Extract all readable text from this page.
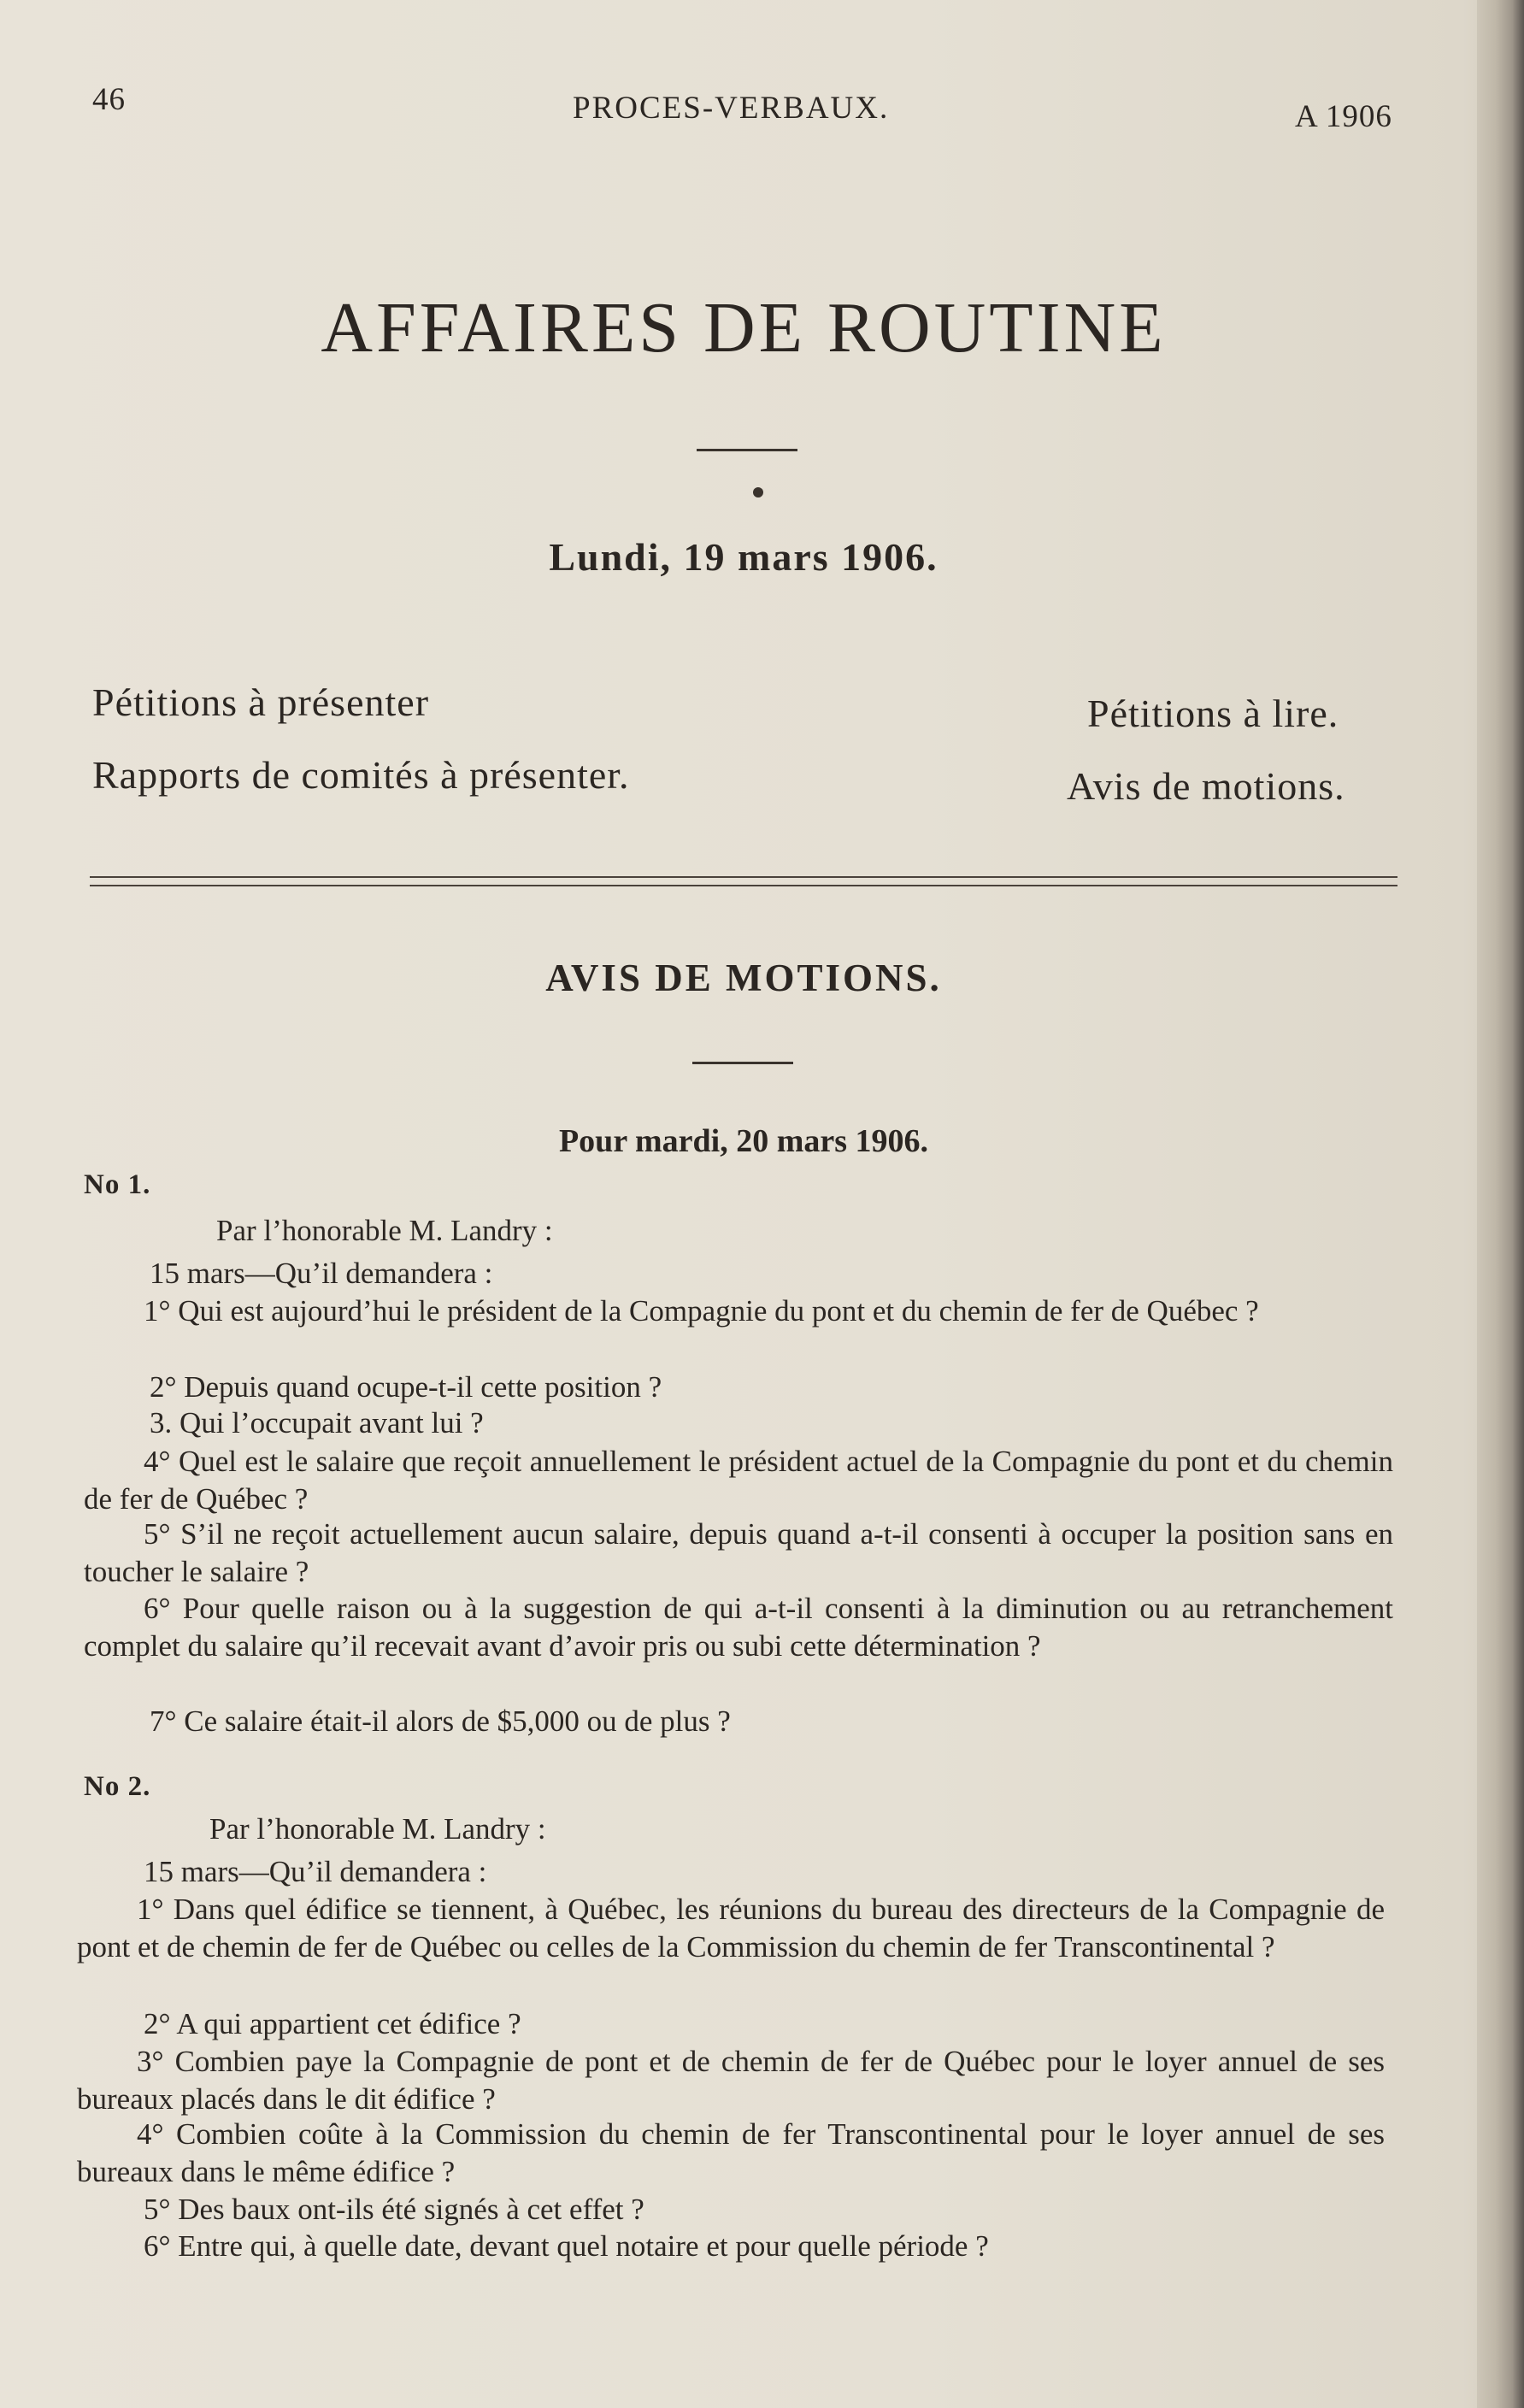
46	PROCES-VERBAUX.	A 1906
AFFAIRES DE ROUTINE
Lundi, 19 mars 1906.
Pétitions à présenter
Rapports de comités à présenter.
Pétitions à lire.
Avis de motions.
AVIS DE MOTIONS.
Pour mardi, 20 mars 1906.
No 1.
Par l’honorable M. Landry :
15 mars—Qu’il demandera :
1° Qui est aujourd’hui le président de la Compagnie du pont et du chemin de fer de Québec ?
2° Depuis quand ocupe-t-il cette position ?
3. Qui l’occupait avant lui ?
4° Quel est le salaire que reçoit annuellement le président actuel de la Compagnie du pont et du chemin de fer de Québec ?
5° S’il ne reçoit actuellement aucun salaire, depuis quand a-t-il consenti à occuper la position sans en toucher le salaire ?
6° Pour quelle raison ou à la suggestion de qui a-t-il consenti à la diminution ou au retranchement complet du salaire qu’il recevait avant d’avoir pris ou subi cette détermination ?
7° Ce salaire était-il alors de $5,000 ou de plus ?
No 2.
Par l’honorable M. Landry :
15 mars—Qu’il demandera :
1° Dans quel édifice se tiennent, à Québec, les réunions du bureau des directeurs de la Compagnie de pont et de chemin de fer de Québec ou celles de la Commission du chemin de fer Transcontinental ?
2° A qui appartient cet édifice ?
3° Combien paye la Compagnie de pont et de chemin de fer de Québec pour le loyer annuel de ses bureaux placés dans le dit édifice ?
4° Combien coûte à la Commission du chemin de fer Transcontinental pour le loyer annuel de ses bureaux dans le même édifice ?
5° Des baux ont-ils été signés à cet effet ?
6° Entre qui, à quelle date, devant quel notaire et pour quelle période ?
